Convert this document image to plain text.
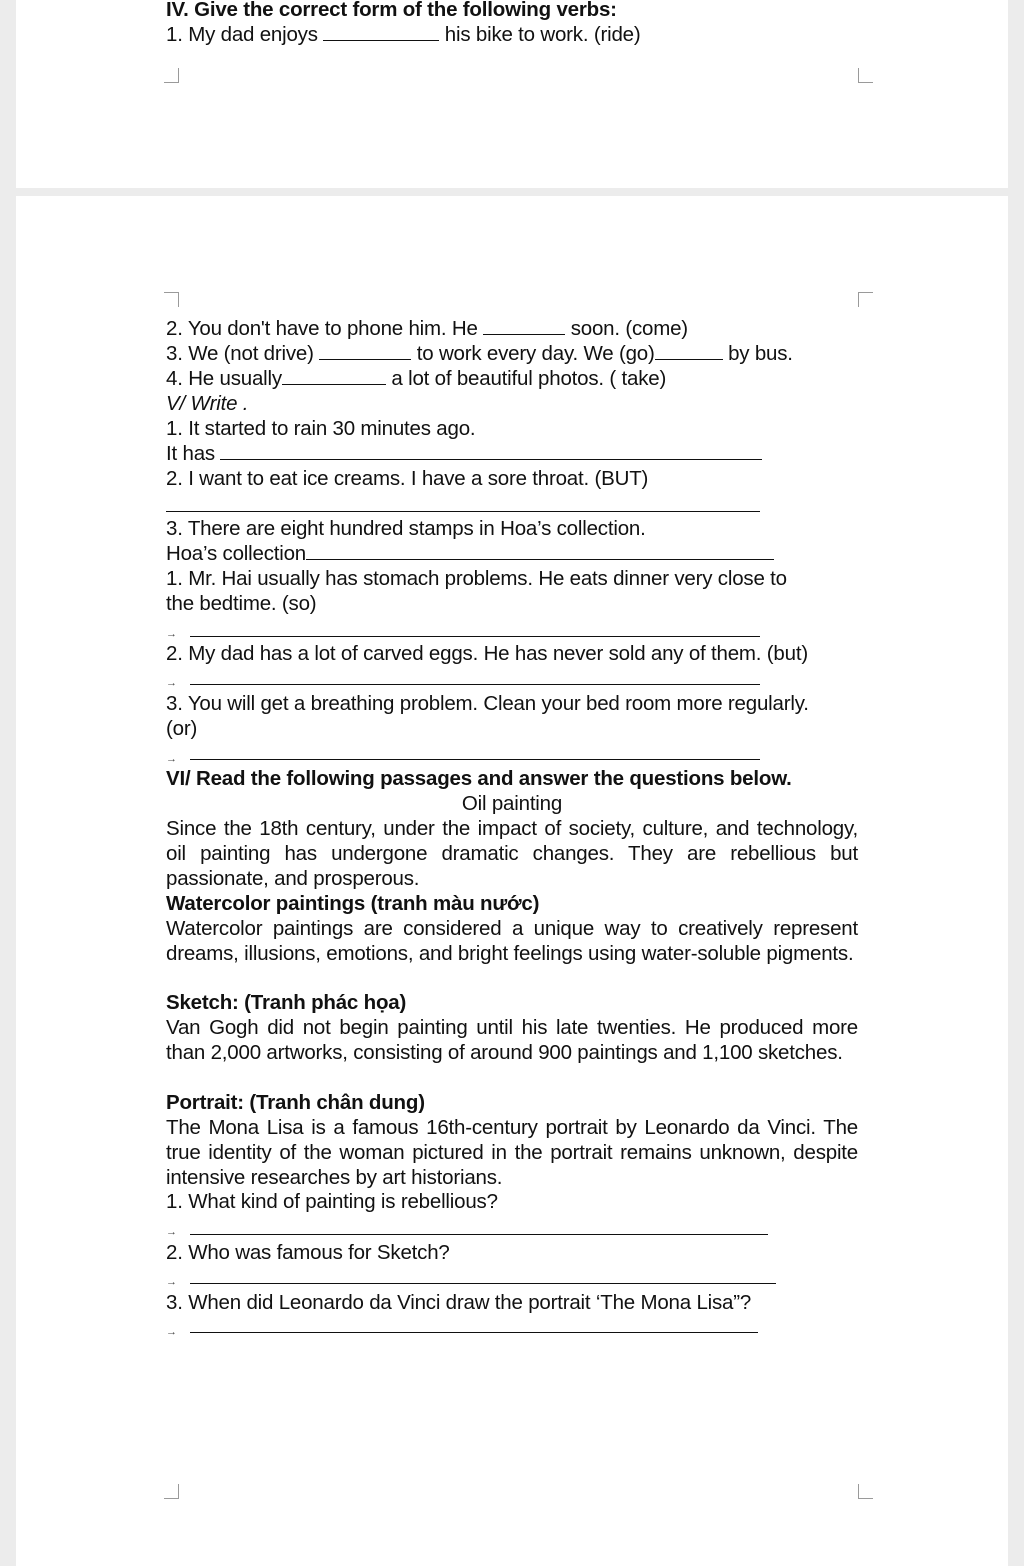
IV. Give the correct form of the following verbs:
1. My dad enjoys	his bike to work. (ride)
2. You don't have to phone him. He	soon. (come)
3. We (not drive)	to work every day. We (go)	by bus.
4. He usually	a lot of beautiful photos. ( take)
V/ Write .
1. It started to rain 30 minutes ago.
It has
2. I want to eat ice creams. I have a sore throat. (BUT)
3. There are eight hundred stamps in Hoa’s collection.
Hoa’s collection
1. Mr. Hai usually has stomach problems. He eats dinner very close to
the bedtime. (so)
→
2. My dad has a lot of carved eggs. He has never sold any of them. (but)
→
3. You will get a breathing problem. Clean your bed room more regularly.
(or)
→
VI/ Read the following passages and answer the questions below.
Oil painting
Since the 18th century, under the impact of society, culture, and technology, oil painting has undergone dramatic changes. They are rebellious but passionate, and prosperous.
Watercolor paintings (tranh màu nước)
Watercolor paintings are considered a unique way to creatively represent dreams, illusions, emotions, and bright feelings using water-soluble pigments.
Sketch: (Tranh phác họa)
Van Gogh did not begin painting until his late twenties. He produced more than 2,000 artworks, consisting of around 900 paintings and 1,100 sketches.
Portrait: (Tranh chân dung)
The Mona Lisa is a famous 16th-century portrait by Leonardo da Vinci. The true identity of the woman pictured in the portrait remains unknown, despite intensive researches by art historians.
1. What kind of painting is rebellious?
→
2. Who was famous for Sketch?
→
3. When did Leonardo da Vinci draw the portrait ‘The Mona Lisa”?
→
